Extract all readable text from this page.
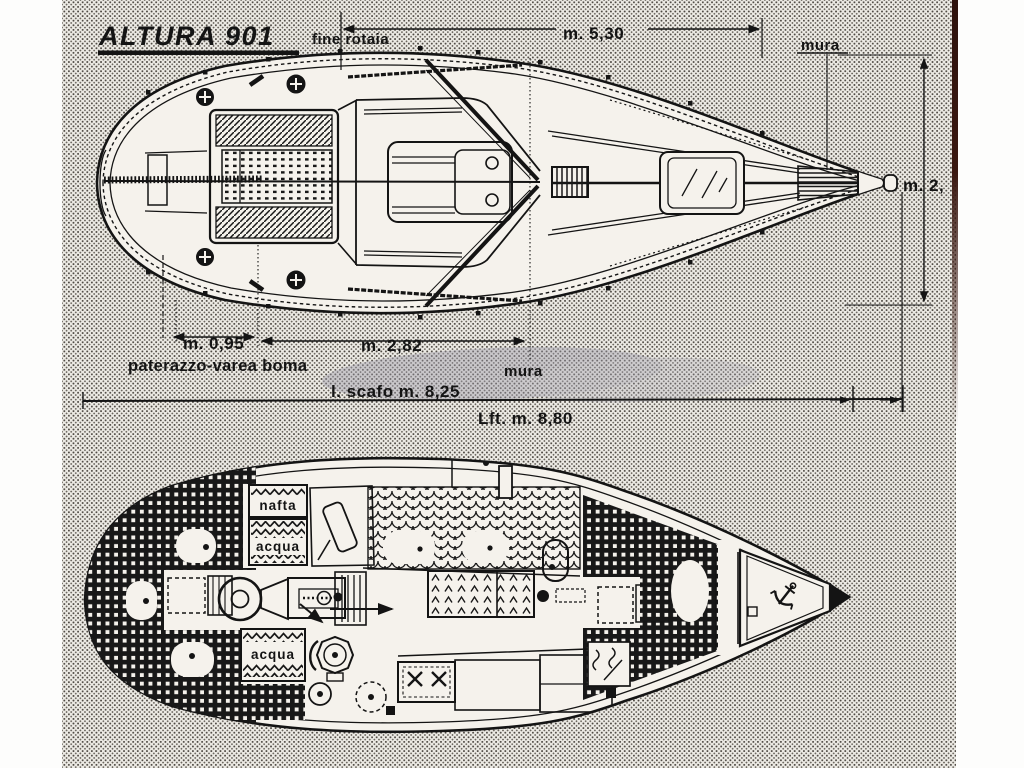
ALTURA 901 fine rotaia	m. 5,30
mura
m. 2,
m. 0,95	m. 2,82
paterazzo-varea boma	mura
l. scafo m. 8,25
Lft. m. 8,80
nafta
acqua
acqua
